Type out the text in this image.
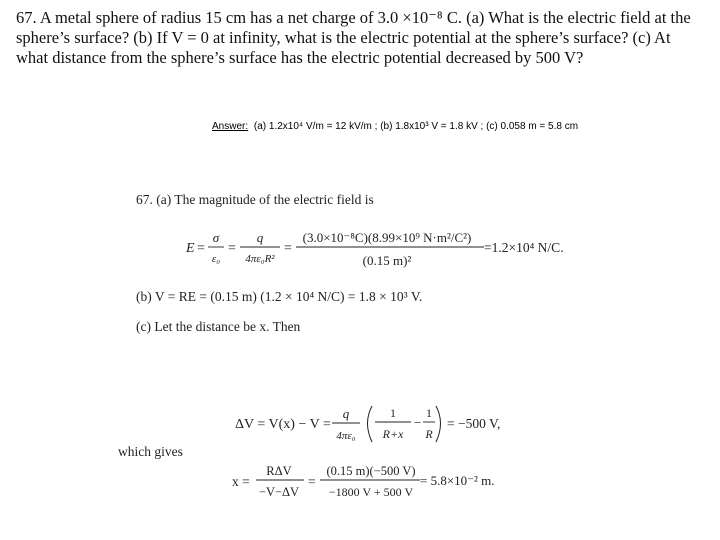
67. A metal sphere of radius 15 cm has a net charge of 3.0 ×10⁻⁸ C. (a) What is the electric field at the
sphere’s surface? (b) If V = 0 at infinity, what is the electric potential at the sphere’s surface? (c) At
what distance from the sphere’s surface has the electric potential decreased by 500 V?
Answer: (a) 1.2x10⁴ V/m = 12 kV/m ; (b) 1.8x10³ V = 1.8 kV ; (c) 0.058 m = 5.8 cm
67. (a) The magnitude of the electric field is
E =
σ
ε₀
=
q
4πε₀R²
=
(3.0×10⁻⁸C)(8.99×10⁹ N·m²/C²)
(0.15 m)²
=1.2×10⁴ N/C.
(b) V = RE = (0.15 m) (1.2 × 10⁴ N/C) = 1.8 × 10³ V.
(c) Let the distance be x. Then
ΔV = V(x) − V =
q
4πε₀
1
R+x
−
1
R
= −500 V,
which gives
x =
RΔV
−V−ΔV
=
(0.15 m)(−500 V)
−1800 V + 500 V
= 5.8×10⁻² m.
